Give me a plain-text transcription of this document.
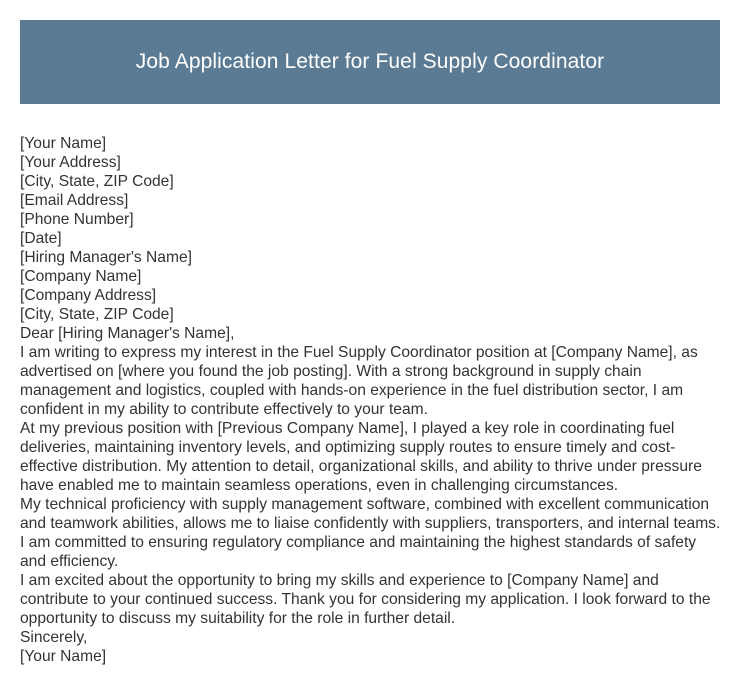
Job Application Letter for Fuel Supply Coordinator

[Your Name]

[Your Address]

[City, State, ZIP Code]

[Email Address]

[Phone Number]

[Date]

[Hiring Manager's Name]

[Company Name]

[Company Address]

[City, State, ZIP Code]

Dear [Hiring Manager's Name],

I am writing to express my interest in the Fuel Supply Coordinator position at [Company Name], as advertised on [where you found the job posting]. With a strong background in supply chain management and logistics, coupled with hands-on experience in the fuel distribution sector, I am confident in my ability to contribute effectively to your team.

At my previous position with [Previous Company Name], I played a key role in coordinating fuel deliveries, maintaining inventory levels, and optimizing supply routes to ensure timely and cost-effective distribution. My attention to detail, organizational skills, and ability to thrive under pressure have enabled me to maintain seamless operations, even in challenging circumstances.

My technical proficiency with supply management software, combined with excellent communication and teamwork abilities, allows me to liaise confidently with suppliers, transporters, and internal teams. I am committed to ensuring regulatory compliance and maintaining the highest standards of safety and efficiency.

I am excited about the opportunity to bring my skills and experience to [Company Name] and contribute to your continued success. Thank you for considering my application. I look forward to the opportunity to discuss my suitability for the role in further detail.

Sincerely,

[Your Name]
